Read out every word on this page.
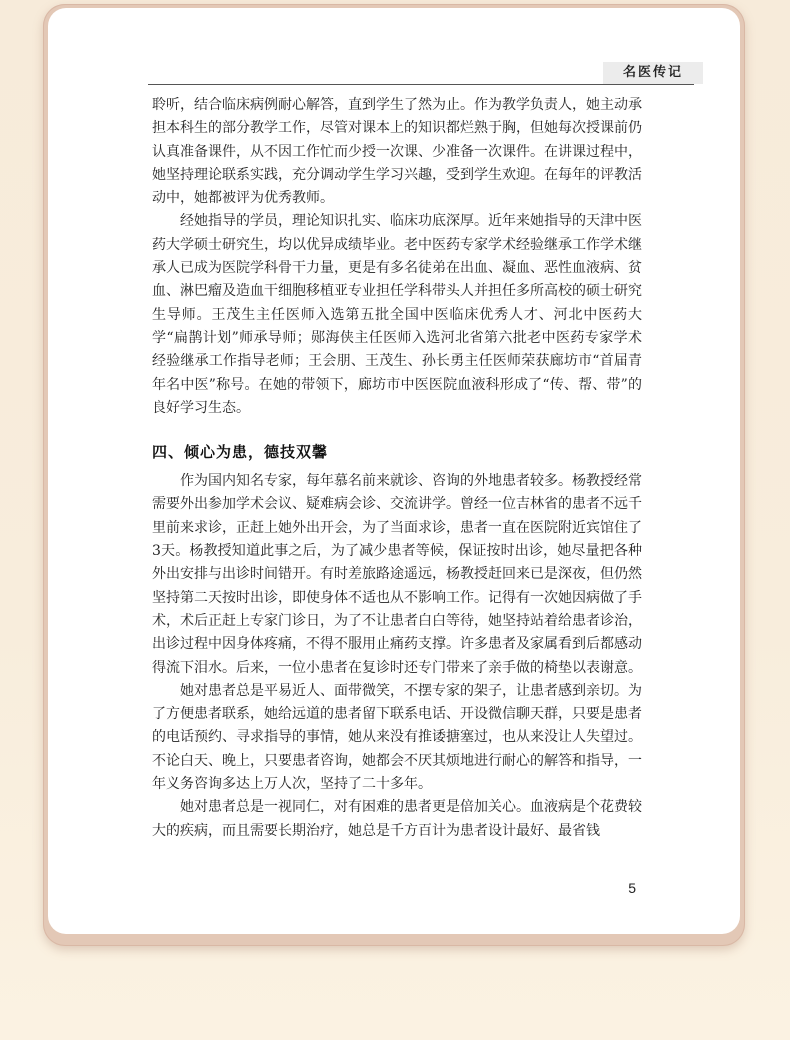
名医传记

聆听，结合临床病例耐心解答，直到学生了然为止。作为教学负责人，她主动承担本科生的部分教学工作，尽管对课本上的知识都烂熟于胸，但她每次授课前仍认真准备课件，从不因工作忙而少授一次课、少准备一次课件。在讲课过程中，她坚持理论联系实践，充分调动学生学习兴趣，受到学生欢迎。在每年的评教活动中，她都被评为优秀教师。

经她指导的学员，理论知识扎实、临床功底深厚。近年来她指导的天津中医药大学硕士研究生，均以优异成绩毕业。老中医药专家学术经验继承工作学术继承人已成为医院学科骨干力量，更是有多名徒弟在出血、凝血、恶性血液病、贫血、淋巴瘤及造血干细胞移植亚专业担任学科带头人并担任多所高校的硕士研究生导师。王茂生主任医师入选第五批全国中医临床优秀人才、河北中医药大学“扁鹊计划”师承导师；郧海侠主任医师入选河北省第六批老中医药专家学术经验继承工作指导老师；王会朋、王茂生、孙长勇主任医师荣获廊坊市“首届青年名中医”称号。在她的带领下，廊坊市中医医院血液科形成了“传、帮、带”的良好学习生态。

四、倾心为患，德技双馨

作为国内知名专家，每年慕名前来就诊、咨询的外地患者较多。杨教授经常需要外出参加学术会议、疑难病会诊、交流讲学。曾经一位吉林省的患者不远千里前来求诊，正赶上她外出开会，为了当面求诊，患者一直在医院附近宾馆住了3天。杨教授知道此事之后，为了减少患者等候，保证按时出诊，她尽量把各种外出安排与出诊时间错开。有时差旅路途遥远，杨教授赶回来已是深夜，但仍然坚持第二天按时出诊，即使身体不适也从不影响工作。记得有一次她因病做了手术，术后正赶上专家门诊日，为了不让患者白白等待，她坚持站着给患者诊治，出诊过程中因身体疼痛，不得不服用止痛药支撑。许多患者及家属看到后都感动得流下泪水。后来，一位小患者在复诊时还专门带来了亲手做的椅垫以表谢意。

她对患者总是平易近人、面带微笑，不摆专家的架子，让患者感到亲切。为了方便患者联系，她给远道的患者留下联系电话、开设微信聊天群，只要是患者的电话预约、寻求指导的事情，她从来没有推诿搪塞过，也从来没让人失望过。不论白天、晚上，只要患者咨询，她都会不厌其烦地进行耐心的解答和指导，一年义务咨询多达上万人次，坚持了二十多年。

她对患者总是一视同仁，对有困难的患者更是倍加关心。血液病是个花费较大的疾病，而且需要长期治疗，她总是千方百计为患者设计最好、最省钱

5
